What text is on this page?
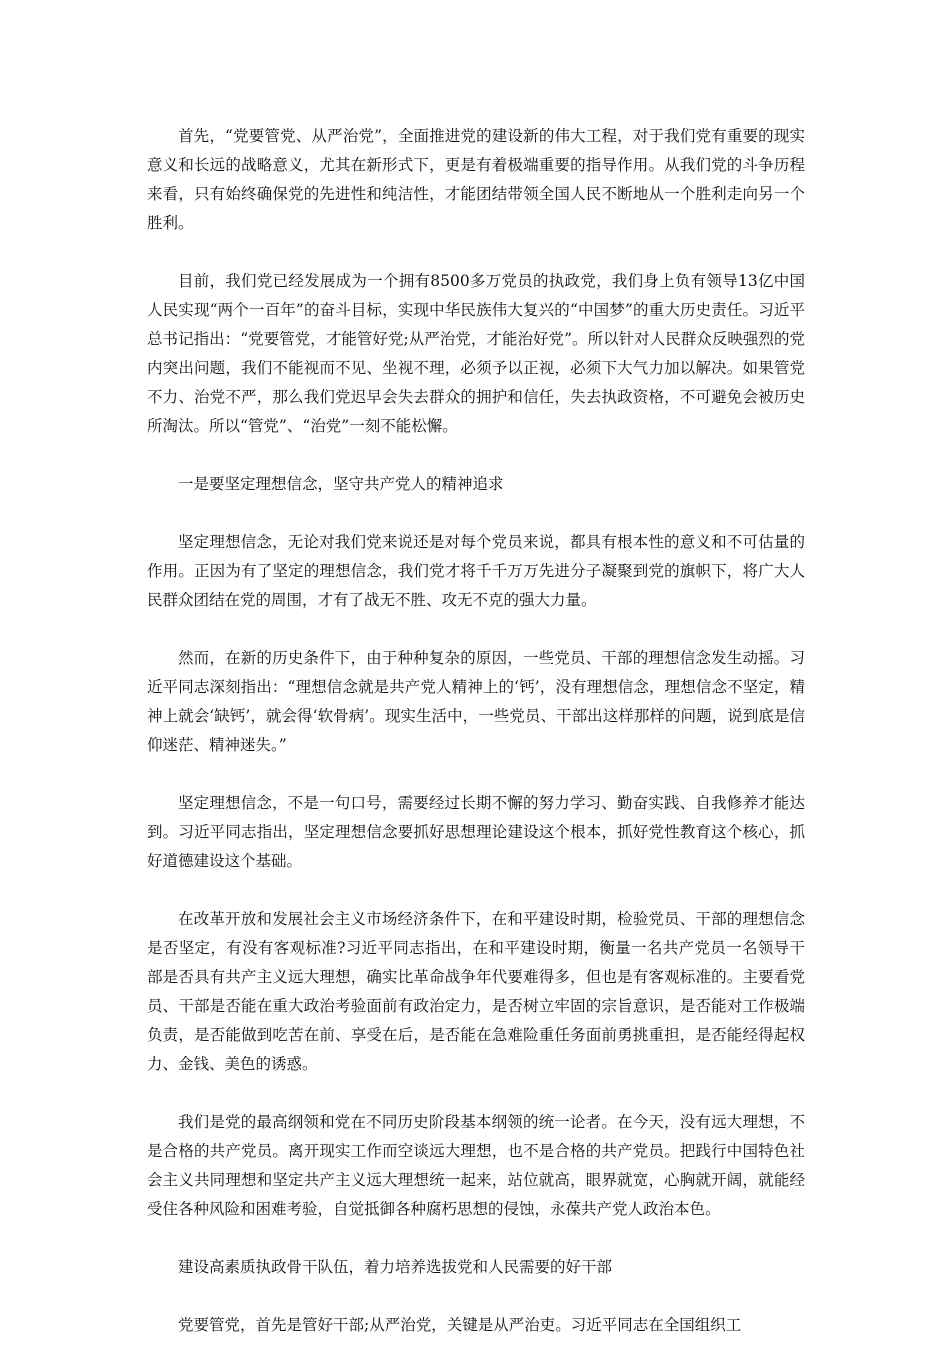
首先，“党要管党、从严治党”，全面推进党的建设新的伟大工程，对于我们党有重要的现实意义和长远的战略意义，尤其在新形式下，更是有着极端重要的指导作用。从我们党的斗争历程来看，只有始终确保党的先进性和纯洁性，才能团结带领全国人民不断地从一个胜利走向另一个胜利。

目前，我们党已经发展成为一个拥有8500多万党员的执政党，我们身上负有领导13亿中国人民实现“两个一百年”的奋斗目标，实现中华民族伟大复兴的“中国梦”的重大历史责任。习近平总书记指出：“党要管党，才能管好党;从严治党，才能治好党”。所以针对人民群众反映强烈的党内突出问题，我们不能视而不见、坐视不理，必须予以正视，必须下大气力加以解决。如果管党不力、治党不严，那么我们党迟早会失去群众的拥护和信任，失去执政资格，不可避免会被历史所淘汰。所以“管党”、“治党”一刻不能松懈。

一是要坚定理想信念，坚守共产党人的精神追求

坚定理想信念，无论对我们党来说还是对每个党员来说，都具有根本性的意义和不可估量的作用。正因为有了坚定的理想信念，我们党才将千千万万先进分子凝聚到党的旗帜下，将广大人民群众团结在党的周围，才有了战无不胜、攻无不克的强大力量。

然而，在新的历史条件下，由于种种复杂的原因，一些党员、干部的理想信念发生动摇。习近平同志深刻指出：“理想信念就是共产党人精神上的‘钙’，没有理想信念，理想信念不坚定，精神上就会‘缺钙’，就会得‘软骨病’。现实生活中，一些党员、干部出这样那样的问题，说到底是信仰迷茫、精神迷失。”

坚定理想信念，不是一句口号，需要经过长期不懈的努力学习、勤奋实践、自我修养才能达到。习近平同志指出，坚定理想信念要抓好思想理论建设这个根本，抓好党性教育这个核心，抓好道德建设这个基础。

在改革开放和发展社会主义市场经济条件下，在和平建设时期，检验党员、干部的理想信念是否坚定，有没有客观标准?习近平同志指出，在和平建设时期，衡量一名共产党员一名领导干部是否具有共产主义远大理想，确实比革命战争年代要难得多，但也是有客观标准的。主要看党员、干部是否能在重大政治考验面前有政治定力，是否树立牢固的宗旨意识，是否能对工作极端负责，是否能做到吃苦在前、享受在后，是否能在急难险重任务面前勇挑重担，是否能经得起权力、金钱、美色的诱惑。

我们是党的最高纲领和党在不同历史阶段基本纲领的统一论者。在今天，没有远大理想，不是合格的共产党员。离开现实工作而空谈远大理想，也不是合格的共产党员。把践行中国特色社会主义共同理想和坚定共产主义远大理想统一起来，站位就高，眼界就宽，心胸就开阔，就能经受住各种风险和困难考验，自觉抵御各种腐朽思想的侵蚀，永葆共产党人政治本色。

建设高素质执政骨干队伍，着力培养选拔党和人民需要的好干部

党要管党，首先是管好干部;从严治党，关键是从严治吏。习近平同志在全国组织工
